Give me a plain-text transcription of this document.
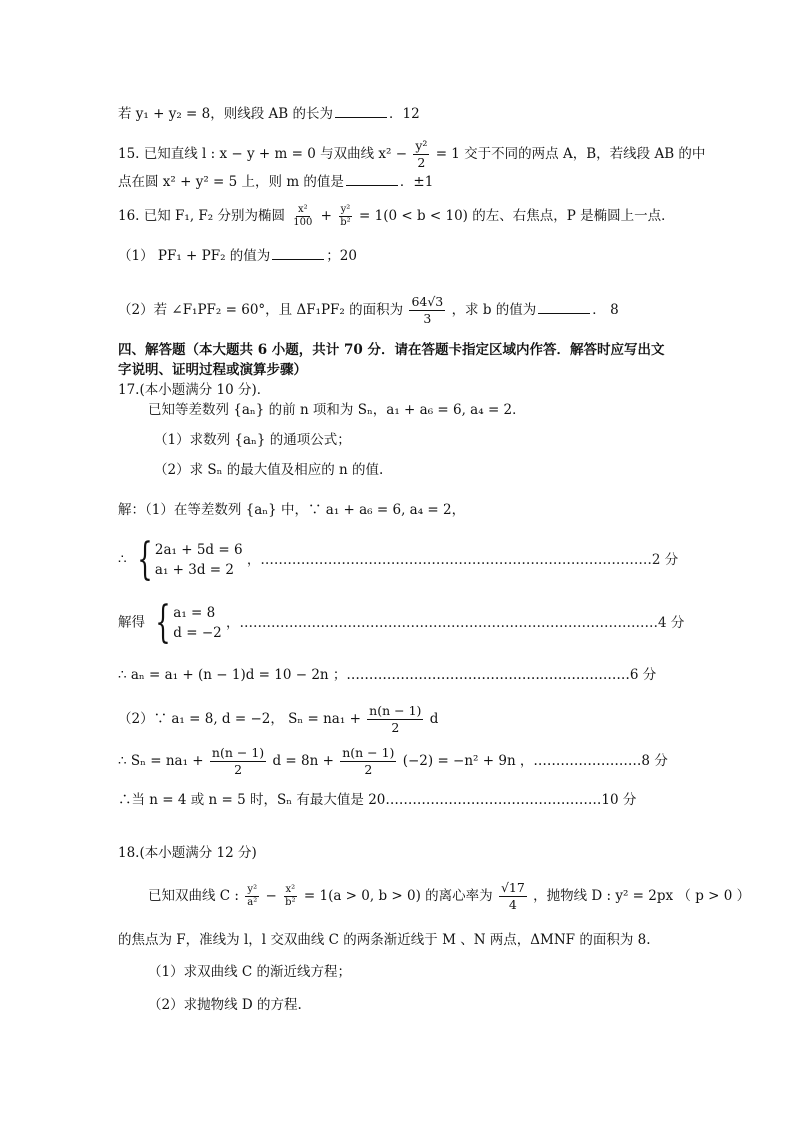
若 y₁ + y₂ = 8，则线段 AB 的长为	．12
15. 已知直线 l : x − y + m = 0 与双曲线 $x^2 - \frac{\text{y²}}{2} = 1$ 交于不同的两点 A，B，若线段 AB 的中
点在圆 x² + y² = 5 上，则 m 的值是	．±1
16. 已知 F₁, F₂ 分别为椭圆 $\frac{\text{x²}}{100} + \frac{\text{y²}}{\text{b²}} = 1(0 < b < 10)$ 的左、右焦点，P 是椭圆上一点．
（1） PF₁ + PF₂ 的值为	；20
（2）若 ∠F₁PF₂ = 60°，且 ΔF₁PF₂ 的面积为 $\frac{64√3}{3}$ ，求 b 的值为	． 8
四、解答题（本大题共 6 小题，共计 70 分．请在答题卡指定区域内作答．解答时应写出文
字说明、证明过程或演算步骤）
17.(本小题满分 10 分)．
已知等差数列 {aₙ} 的前 n 项和为 Sₙ，a₁ + a₆ = 6, a₄ = 2．
（1）求数列 {aₙ} 的通项公式；
（2）求 Sₙ 的最大值及相应的 n 的值.
解：（1）在等差数列 {aₙ} 中，∵ a₁ + a₆ = 6, a₄ = 2，
∴ { 2a₁ + 5d = 6
a₁ + 3d = 2
，……………………………………………………………………………2 分
解得 { a₁ = 8
d = −2
，…………………………………………………………………………………4 分
∴ aₙ = a₁ + (n − 1)d = 10 − 2n ；………………………………………………………6 分
（2）∵ a₁ = 8, d = −2， $S_n = na_1 + \frac{n(n - 1)}{2}$ d
∴ $S_n = na_1 + \frac{n(n - 1)}{2}$ $d = 8n + \frac{n(n - 1)}{2} (-2) = -n^2 + 9n$ ，……………………8 分
∴当 n = 4 或 n = 5 时，Sₙ 有最大值是 20…………………………………………10 分
18.(本小题满分 12 分)
已知双曲线 C : $\frac{\text{y²}}{\text{a²}} - \frac{\text{x²}}{\text{b²}} = 1(a > 0$, b > 0) 的离心率为 $\frac{√17}{4}$ ，抛物线 D : y² = 2px （ p > 0 ）
的焦点为 F，准线为 l，l 交双曲线 C 的两条渐近线于 M 、N 两点，ΔMNF 的面积为 8.
（1）求双曲线 C 的渐近线方程；
（2）求抛物线 D 的方程.
